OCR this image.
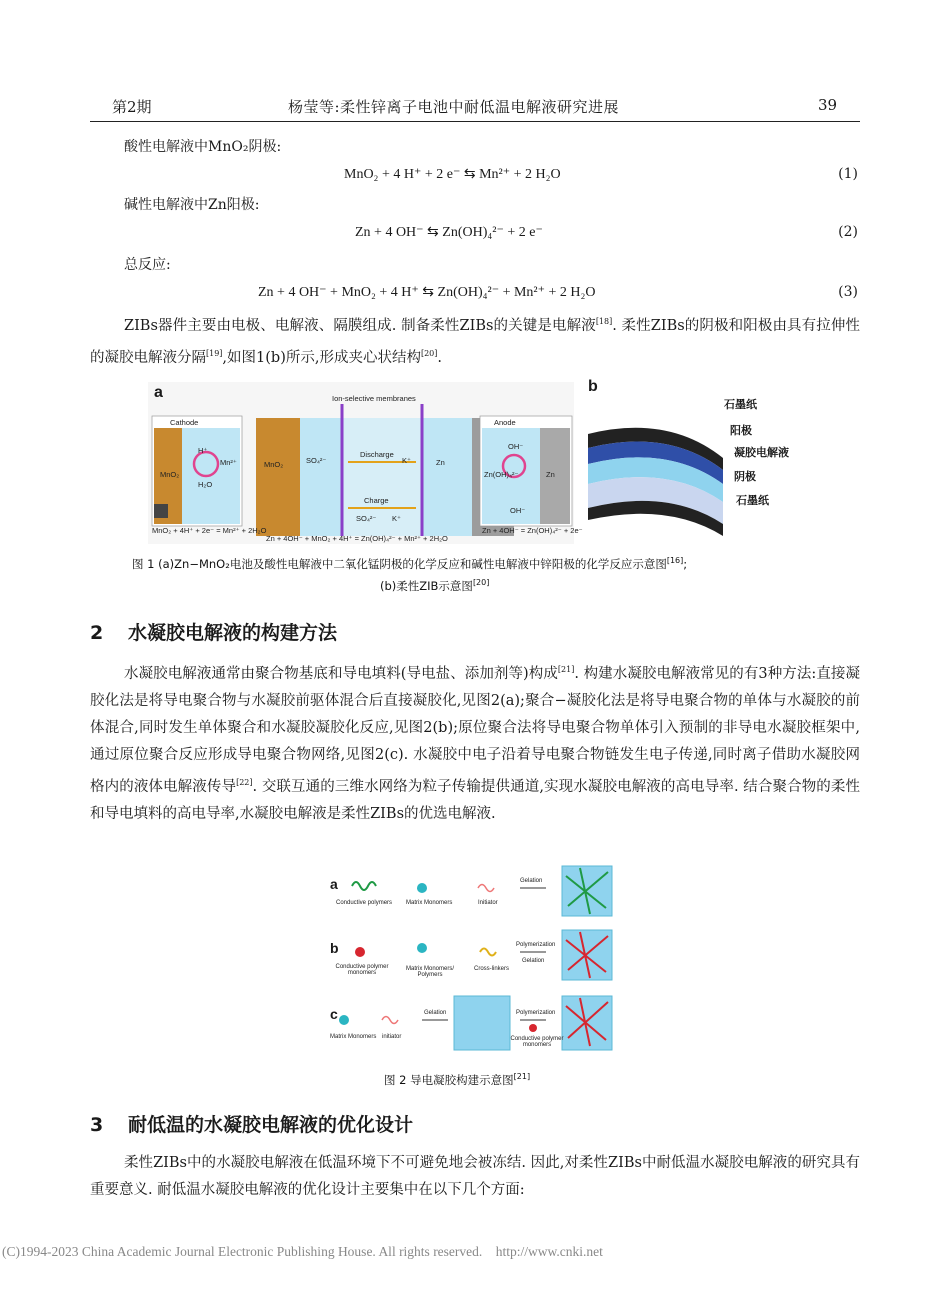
第2期	杨莹等:柔性锌离子电池中耐低温电解液研究进展	39
酸性电解液中MnO₂阴极:
MnO₂ + 4 H⁺ + 2 e⁻ ⇆ Mn²⁺ + 2 H₂O	(1)
碱性电解液中Zn阳极:
Zn + 4 OH⁻ ⇆ Zn(OH)₄²⁻ + 2 e⁻	(2)
总反应:
Zn + 4 OH⁻ + MnO₂ + 4 H⁺ ⇆ Zn(OH)₄²⁻ + Mn²⁺ + 2 H₂O	(3)

ZIBs器件主要由电极、电解液、隔膜组成. 制备柔性ZIBs的关键是电解液[18]. 柔性ZIBs的阴极和阳极由具有拉伸性的凝胶电解液分隔[19],如图1(b)所示,形成夹心状结构[20].

a	b
Cathode	Anode
Ion-selective membranes
Discharge
Charge
H⁺
Mn²⁺
H₂O
MnO₂
MnO₂	SO₄²⁻	K⁺
SO₄²⁻ K⁺
Zn
OH⁻
Zn(OH)₄²⁻
OH⁻
Zn
MnO₂ + 4H⁺ + 2e⁻ = Mn²⁺ + 2H₂O	Zn + 4OH⁻ = Zn(OH)₄²⁻ + 2e⁻
Zn + 4OH⁻ + MnO₂ + 4H⁺ = Zn(OH)₄²⁻ + Mn²⁺ + 2H₂O
石墨纸
阳极
凝胶电解液
阴极
石墨纸
图 1 (a)Zn−MnO₂电池及酸性电解液中二氧化锰阴极的化学反应和碱性电解液中锌阳极的化学反应示意图[16];
(b)柔性ZIB示意图[20]
2 水凝胶电解液的构建方法

水凝胶电解液通常由聚合物基底和导电填料(导电盐、添加剂等)构成[21]. 构建水凝胶电解液常见的有3种方法:直接凝胶化法是将导电聚合物与水凝胶前驱体混合后直接凝胶化,见图2(a);聚合−凝胶化法是将导电聚合物的单体与水凝胶的前体混合,同时发生单体聚合和水凝胶凝胶化反应,见图2(b);原位聚合法将导电聚合物单体引入预制的非导电水凝胶框架中,通过原位聚合反应形成导电聚合物网络,见图2(c). 水凝胶中电子沿着导电聚合物链发生电子传递,同时离子借助水凝胶网格内的液体电解液传导[22]. 交联互通的三维水网络为粒子传输提供通道,实现水凝胶电解液的高电导率. 结合聚合物的柔性和导电填料的高电导率,水凝胶电解液是柔性ZIBs的优选电解液.

a
b
c
Conductive polymers Matrix Monomers	Initiator
Gelation
Conductive polymer monomers
Matrix Monomers/ Polymers
Cross-linkers
Polymerization
Gelation
Matrix Monomers initiator
Gelation	Polymerization
Conductive polymer monomers
图 2 导电凝胶构建示意图[21]
3 耐低温的水凝胶电解液的优化设计

柔性ZIBs中的水凝胶电解液在低温环境下不可避免地会被冻结. 因此,对柔性ZIBs中耐低温水凝胶电解液的研究具有重要意义. 耐低温水凝胶电解液的优化设计主要集中在以下几个方面:

(C)1994-2023 China Academic Journal Electronic Publishing House. All rights reserved. http://www.cnki.net
